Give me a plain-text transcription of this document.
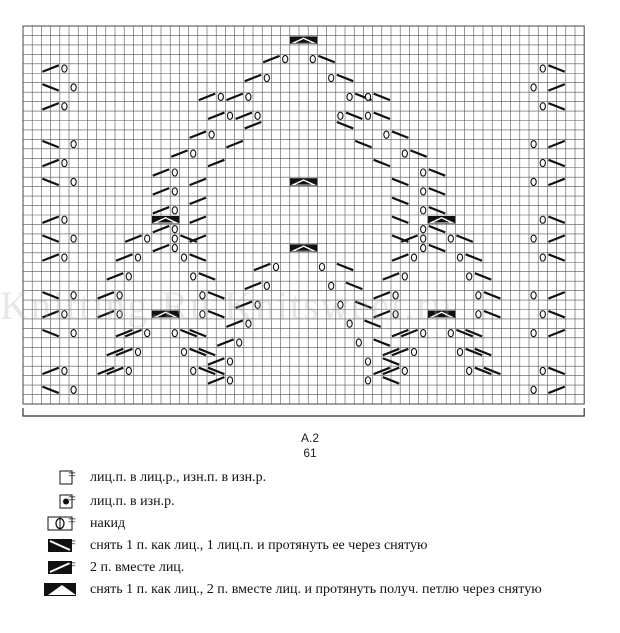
Knitting.Ru Knitsweet.ru
A.2
61
= лиц.п. в лиц.р., изн.п. в изн.р.
= лиц.п. в изн.р.
= накид
= снять 1 п. как лиц., 1 лиц.п. и протянуть ее через снятую
= 2 п. вместе лиц.
= снять 1 п. как лиц., 2 п. вместе лиц. и протянуть получ. петлю через снятую
